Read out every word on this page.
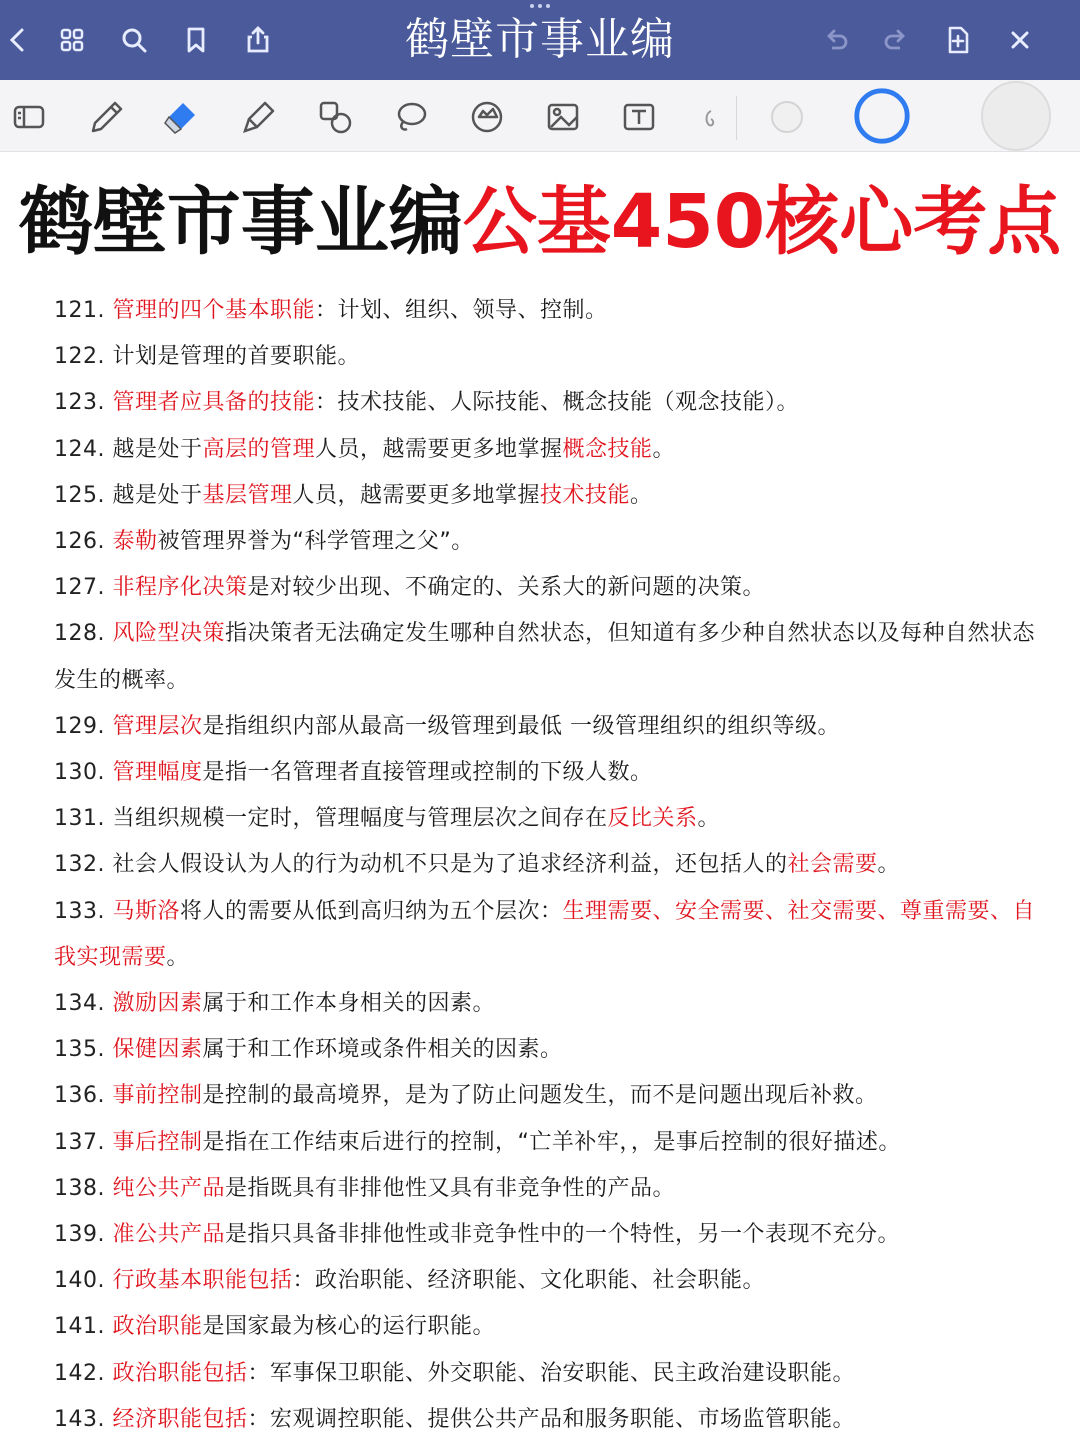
鹤壁市事业编
鹤壁市事业编公基450核心考点
121. 管理的四个基本职能：计划、组织、领导、控制。
122. 计划是管理的首要职能。
123. 管理者应具备的技能：技术技能、人际技能、概念技能（观念技能）。
124. 越是处于高层的管理人员，越需要更多地掌握概念技能。
125. 越是处于基层管理人员，越需要更多地掌握技术技能。
126. 泰勒被管理界誉为“科学管理之父”。
127. 非程序化决策是对较少出现、不确定的、关系大的新问题的决策。
128. 风险型决策指决策者无法确定发生哪种自然状态，但知道有多少种自然状态以及每种自然状态发生的概率。
129. 管理层次是指组织内部从最高一级管理到最低 一级管理组织的组织等级。
130. 管理幅度是指一名管理者直接管理或控制的下级人数。
131. 当组织规模一定时，管理幅度与管理层次之间存在反比关系。
132. 社会人假设认为人的行为动机不只是为了追求经济利益，还包括人的社会需要。
133. 马斯洛将人的需要从低到高归纳为五个层次：生理需要、安全需要、社交需要、尊重需要、自我实现需要。
134. 激励因素属于和工作本身相关的因素。
135. 保健因素属于和工作环境或条件相关的因素。
136. 事前控制是控制的最高境界，是为了防止问题发生，而不是问题出现后补救。
137. 事后控制是指在工作结束后进行的控制，“亡羊补牢，，是事后控制的很好描述。
138. 纯公共产品是指既具有非排他性又具有非竞争性的产品。
139. 准公共产品是指只具备非排他性或非竞争性中的一个特性，另一个表现不充分。
140. 行政基本职能包括：政治职能、经济职能、文化职能、社会职能。
141. 政治职能是国家最为核心的运行职能。
142. 政治职能包括：军事保卫职能、外交职能、治安职能、民主政治建设职能。
143. 经济职能包括：宏观调控职能、提供公共产品和服务职能、市场监管职能。
